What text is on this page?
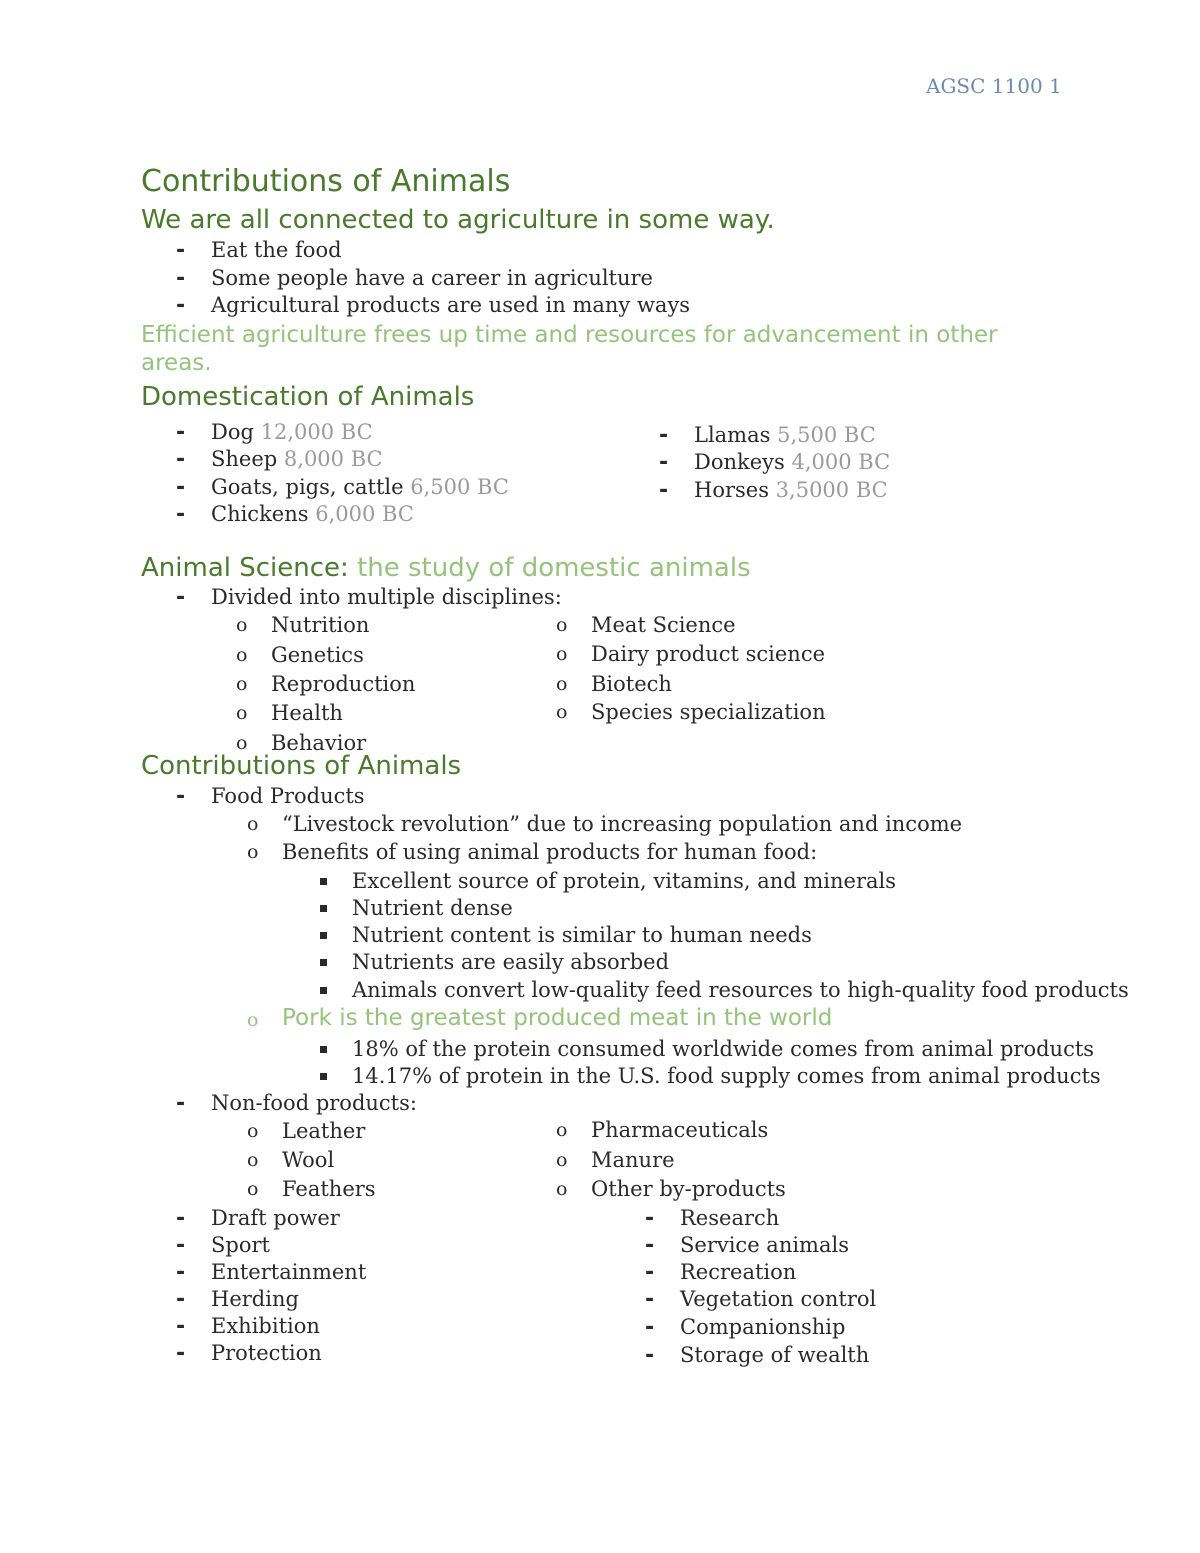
AGSC 1100 1
Contributions of Animals
We are all connected to agriculture in some way.
- Eat the food
- Some people have a career in agriculture
- Agricultural products are used in many ways
Efficient agriculture frees up time and resources for advancement in other
areas.
Domestication of Animals
- Dog 12,000 BC
- Sheep 8,000 BC
- Goats, pigs, cattle 6,500 BC
- Chickens 6,000 BC
- Llamas 5,500 BC
- Donkeys 4,000 BC
- Horses 3,5000 BC
Animal Science: the study of domestic animals
- Divided into multiple disciplines:
o Nutrition
o Genetics
o Reproduction
o Health
o Behavior
o Meat Science
o Dairy product science
o Biotech
o Species specialization
Contributions of Animals
- Food Products
o “Livestock revolution” due to increasing population and income
o Benefits of using animal products for human food:
Excellent source of protein, vitamins, and minerals
Nutrient dense
Nutrient content is similar to human needs
Nutrients are easily absorbed
Animals convert low-quality feed resources to high-quality food products
o Pork is the greatest produced meat in the world
18% of the protein consumed worldwide comes from animal products
14.17% of protein in the U.S. food supply comes from animal products
- Non-food products:
o Leather
o Wool
o Feathers
o Pharmaceuticals
o Manure
o Other by-products
- Draft power
- Sport
- Entertainment
- Herding
- Exhibition
- Protection
- Research
- Service animals
- Recreation
- Vegetation control
- Companionship
- Storage of wealth
